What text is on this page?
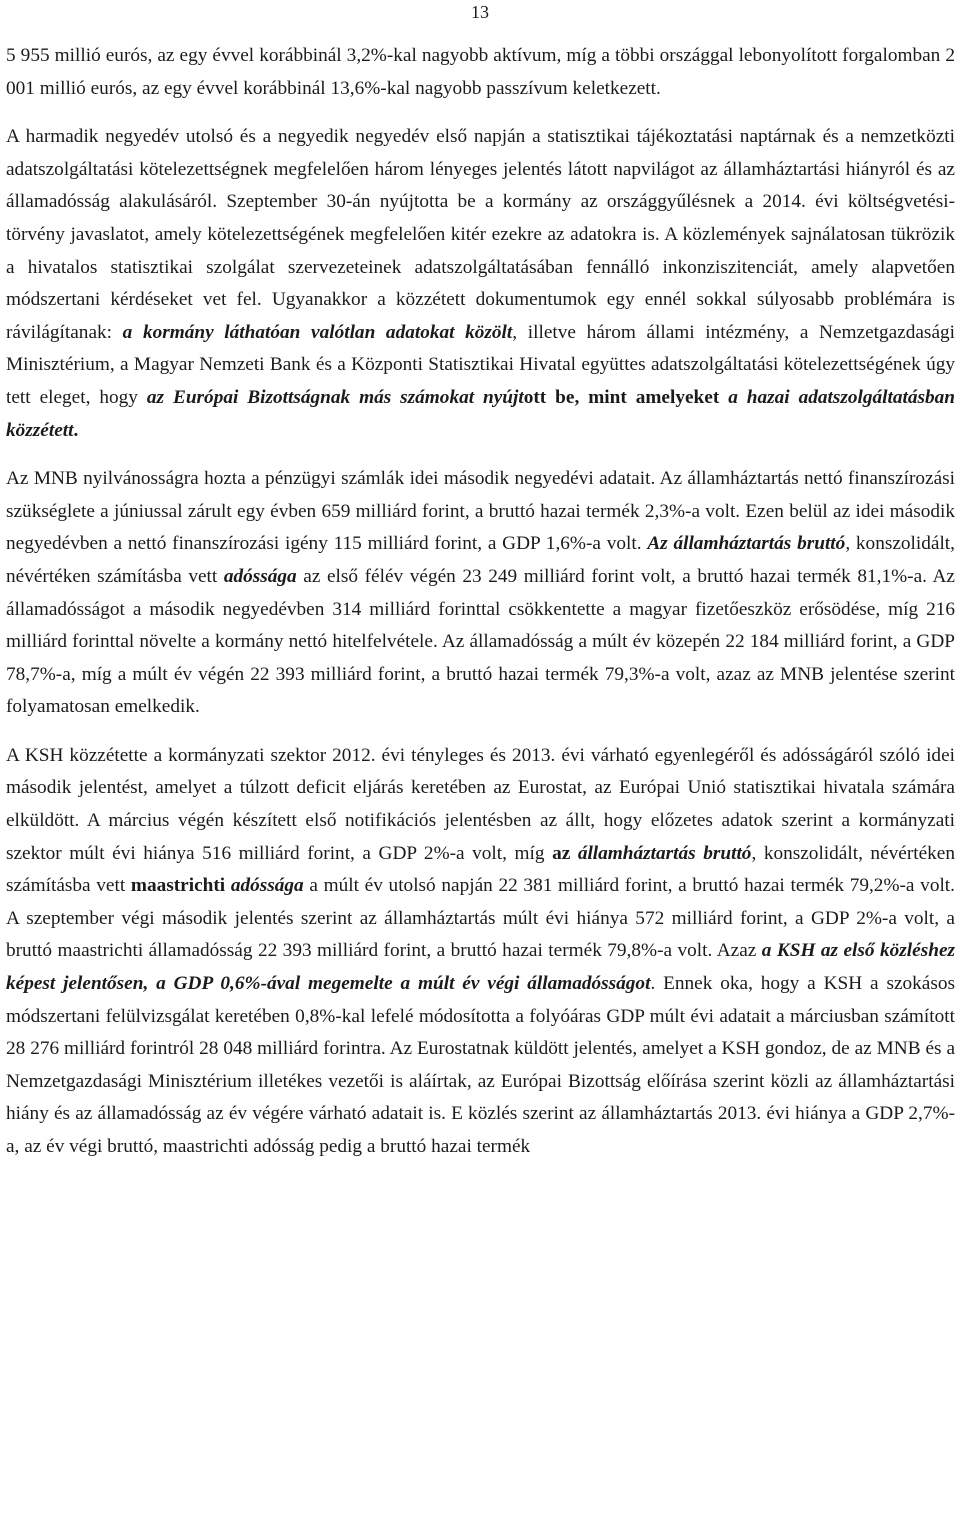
13

5 955 millió eurós, az egy évvel korábbinál 3,2%-kal nagyobb aktívum, míg a többi országgal lebonyolított forgalomban 2 001 millió eurós, az egy évvel korábbinál 13,6%-kal nagyobb passzívum keletkezett.

A harmadik negyedév utolsó és a negyedik negyedév első napján a statisztikai tájékoztatási naptárnak és a nemzetközti adatszolgáltatási kötelezettségnek megfelelően három lényeges jelentés látott napvilágot az államháztartási hiányról és az államadósság alakulásáról. Szeptember 30-án nyújtotta be a kormány az országgyűlésnek a 2014. évi költségvetési-törvény javaslatot, amely kötelezettségének megfelelően kitér ezekre az adatokra is. A közlemények sajnálatosan tükrözik a hivatalos statisztikai szolgálat szervezeteinek adatszolgáltatásában fennálló inkonziszitenciát, amely alapvetően módszertani kérdéseket vet fel. Ugyanakkor a közzétett dokumentumok egy ennél sokkal súlyosabb problémára is rávilágítanak: a kormány láthatóan valótlan adatokat közölt, illetve három állami intézmény, a Nemzetgazdasági Minisztérium, a Magyar Nemzeti Bank és a Központi Statisztikai Hivatal együttes adatszolgáltatási kötelezettségének úgy tett eleget, hogy az Európai Bizottságnak más számokat nyújtott be, mint amelyeket a hazai adatszolgáltatásban közzétett.

Az MNB nyilvánosságra hozta a pénzügyi számlák idei második negyedévi adatait. Az államháztartás nettó finanszírozási szükséglete a júniussal zárult egy évben 659 milliárd forint, a bruttó hazai termék 2,3%-a volt. Ezen belül az idei második negyedévben a nettó finanszírozási igény 115 milliárd forint, a GDP 1,6%-a volt. Az államháztartás bruttó, konszolidált, névértéken számításba vett adóssága az első félév végén 23 249 milliárd forint volt, a bruttó hazai termék 81,1%-a. Az államadósságot a második negyedévben 314 milliárd forinttal csökkentette a magyar fizetőeszköz erősödése, míg 216 milliárd forinttal növelte a kormány nettó hitelfelvétele. Az államadósság a múlt év közepén 22 184 milliárd forint, a GDP 78,7%-a, míg a múlt év végén 22 393 milliárd forint, a bruttó hazai termék 79,3%-a volt, azaz az MNB jelentése szerint folyamatosan emelkedik.

A KSH közzétette a kormányzati szektor 2012. évi tényleges és 2013. évi várható egyenlegéről és adósságáról szóló idei második jelentést, amelyet a túlzott deficit eljárás keretében az Eurostat, az Európai Unió statisztikai hivatala számára elküldött. A március végén készített első notifikációs jelentésben az állt, hogy előzetes adatok szerint a kormányzati szektor múlt évi hiánya 516 milliárd forint, a GDP 2%-a volt, míg az államháztartás bruttó, konszolidált, névértéken számításba vett maastrichti adóssága a múlt év utolsó napján 22 381 milliárd forint, a bruttó hazai termék 79,2%-a volt. A szeptember végi második jelentés szerint az államháztartás múlt évi hiánya 572 milliárd forint, a GDP 2%-a volt, a bruttó maastrichti államadósság 22 393 milliárd forint, a bruttó hazai termék 79,8%-a volt. Azaz a KSH az első közléshez képest jelentősen, a GDP 0,6%-ával megemelte a múlt év végi államadósságot. Ennek oka, hogy a KSH a szokásos módszertani felülvizsgálat keretében 0,8%-kal lefelé módosította a folyóáras GDP múlt évi adatait a márciusban számított 28 276 milliárd forintról 28 048 milliárd forintra. Az Eurostatnak küldött jelentés, amelyet a KSH gondoz, de az MNB és a Nemzetgazdasági Minisztérium illetékes vezetői is aláírtak, az Európai Bizottság előírása szerint közli az államháztartási hiány és az államadósság az év végére várható adatait is. E közlés szerint az államháztartás 2013. évi hiánya a GDP 2,7%-a, az év végi bruttó, maastrichti adósság pedig a bruttó hazai termék
